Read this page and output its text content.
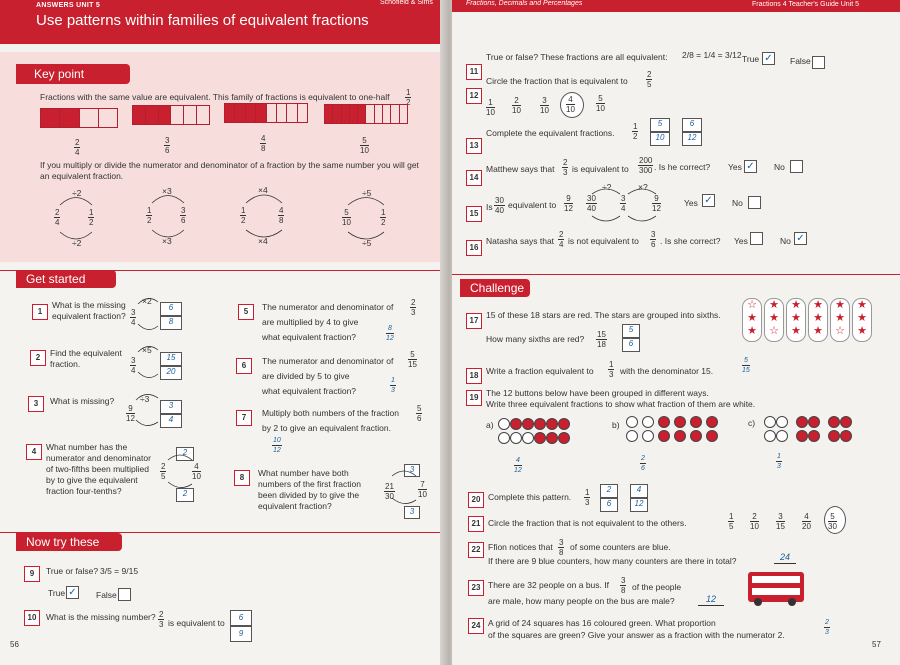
ANSWERS UNIT 5	Schofield & Sims
Use patterns within families of equivalent fractions
Key point
Fractions with the same value are equivalent. This family of fractions is equivalent to one-half	$\frac{1}{2}$
$\frac{2}{4}$	$\frac{3}{6}$	$\frac{4}{8}$	$\frac{5}{10}$
If you multiply or divide the numerator and denominator of a fraction by the same number you will get an equivalent fraction.
÷2
$\frac{2}{4}$	$\frac{1}{2}$
÷2
×3
$\frac{1}{2}$	$\frac{3}{6}$
×3
×4
$\frac{1}{2}$	$\frac{4}{8}$
×4
÷5
$\frac{5}{10}$	$\frac{1}{2}$
÷5
Get started
1
What is the missing equivalent fraction?
×2
$\frac{3}{4}$
6
8
2	Find the equivalent fraction.
×5
$\frac{3}{4}$	15
20
3	What is missing?	÷3
$\frac{9}{12}$	3
4
4	What number has the numerator and denominator of two-fifths been multiplied by to give the equivalent fraction four-tenths?
2
$\frac{2}{5}$	$\frac{4}{10}$
2
5	The numerator and denominator of $\frac{2}{3}$
are multiplied by 4 to give
what equivalent fraction?	$\frac{8}{12}$
6	The numerator and denominator of $\frac{5}{15}$
are divided by 5 to give
what equivalent fraction?	$\frac{1}{3}$
7	Multiply both numbers of the fraction $\frac{5}{6}$
by 2 to give an equivalent fraction.
$\frac{10}{12}$
8	What number have both numbers of the first fraction been divided by to give the equivalent fraction?
3
$\frac{21}{30}$	$\frac{7}{10}$
3
Now try these
9	True or false? 3/5 = 9/15
True ✓ False
10	What is the missing number? $\frac{2}{3}$ is equivalent to
6
9
56
Fractions, Decimals and Percentages	Fractions 4 Teacher's Guide Unit 5
11
True or false? These fractions are all equivalent: 2/8 = 1/4 = 3/12 True ✓ False
12
Circle the fraction that is equivalent to $\frac{2}{5}$
$\frac{1}{10} \frac{2}{10} \frac{3}{10} \frac{4}{10}$	$\frac{5}{10}$
13
Complete the equivalent fractions. $\frac{1}{2}$	5
10
6
12
14
Matthew says that $\frac{2}{3}$ is equivalent to $\frac{200}{300}$ . Is he correct? Yes ✓ No
15
Is $\frac{30}{40}$ equivalent to $\frac{9}{12}$
÷?
$\frac{30}{40}$	$\frac{3}{4}$
×?
$\frac{9}{12}$	Yes ✓ No
16
Natasha says that $\frac{2}{4}$ is not equivalent to $\frac{3}{6}$ . Is she correct? Yes	No ✓
Challenge
17
15 of these 18 stars are red. The stars are grouped into sixths.
How many sixths are red? $\frac{15}{18}$
5
6
☆
★
★
★
★
☆
★
★
★
★
★
★
★
★
☆
★
★
★
18 Write a fraction equivalent to $\frac{1}{3}$ with the denominator 15.	$\frac{5}{15}$
19 The 12 buttons below have been grouped in different ways.
Write three equivalent fractions to show what fraction of them are white.
a)	b)	c)
$\frac{4}{12}$	$\frac{2}{6}$	$\frac{1}{3}$
20 Complete this pattern. $\frac{1}{3}$	2
6
4
12
21 Circle the fraction that is not equivalent to the others.	$\frac{1}{5} \frac{2}{10} \frac{3}{15} \frac{4}{20} \frac{5}{30}$
22 Ffion notices that $\frac{3}{8}$ of some counters are blue.
If there are 9 blue counters, how many counters are there in total?	24
23 There are 32 people on a bus. If $\frac{3}{8}$ of the people
are male, how many people on the bus are male?	12
24 A grid of 24 squares has 16 coloured green. What proportion
of the squares are green? Give your answer as a fraction with the numerator 2.	$\frac{2}{3}$
57
